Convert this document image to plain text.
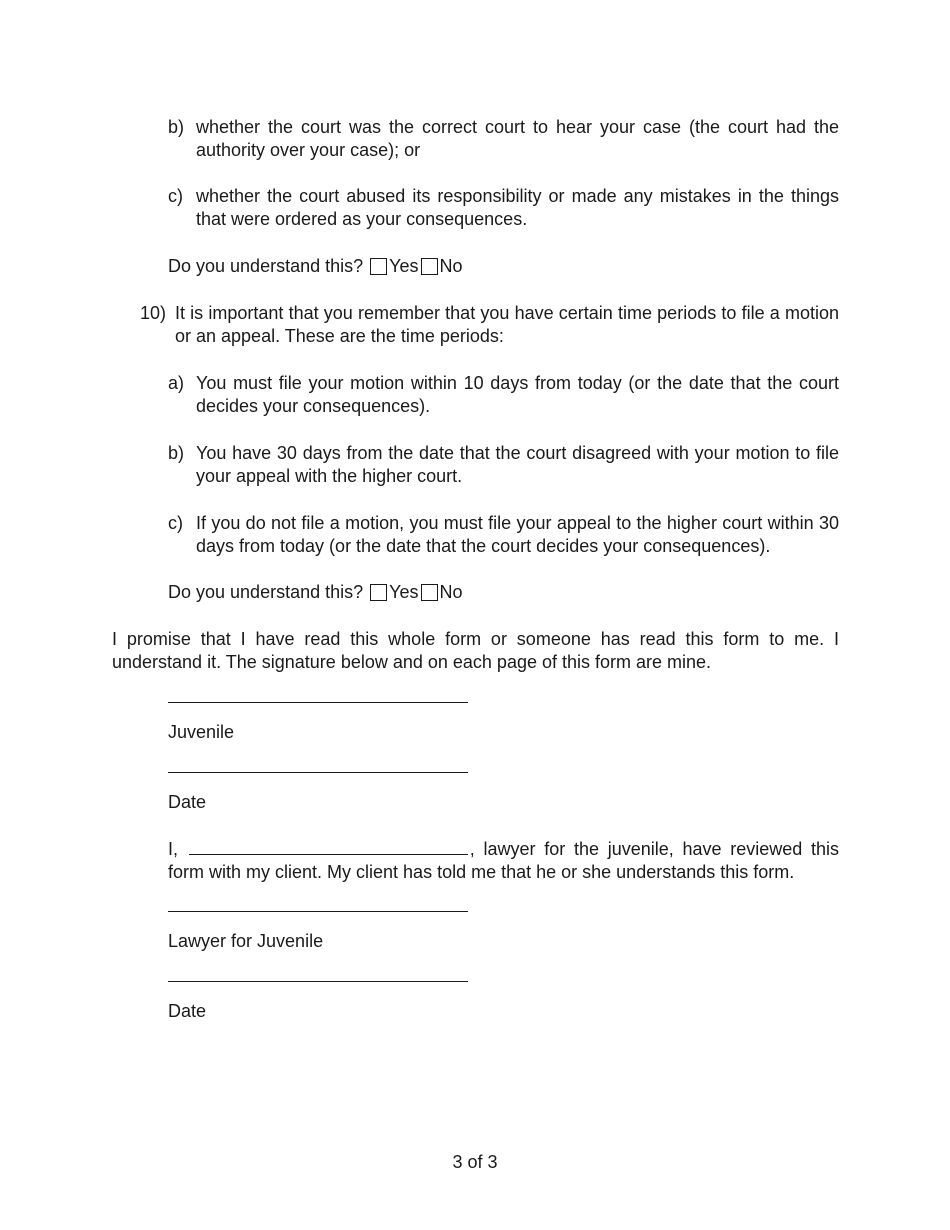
b) whether the court was the correct court to hear your case (the court had the authority over your case); or
c) whether the court abused its responsibility or made any mistakes in the things that were ordered as your consequences.
Do you understand this? Yes No
10) It is important that you remember that you have certain time periods to file a motion or an appeal. These are the time periods:
a) You must file your motion within 10 days from today (or the date that the court decides your consequences).
b) You have 30 days from the date that the court disagreed with your motion to file your appeal with the higher court.
c) If you do not file a motion, you must file your appeal to the higher court within 30 days from today (or the date that the court decides your consequences).
Do you understand this? Yes No
I promise that I have read this whole form or someone has read this form to me. I understand it. The signature below and on each page of this form are mine.
Juvenile
Date
I,	, lawyer for the juvenile, have reviewed this form with my client. My client has told me that he or she understands this form.
Lawyer for Juvenile
Date
3 of 3
